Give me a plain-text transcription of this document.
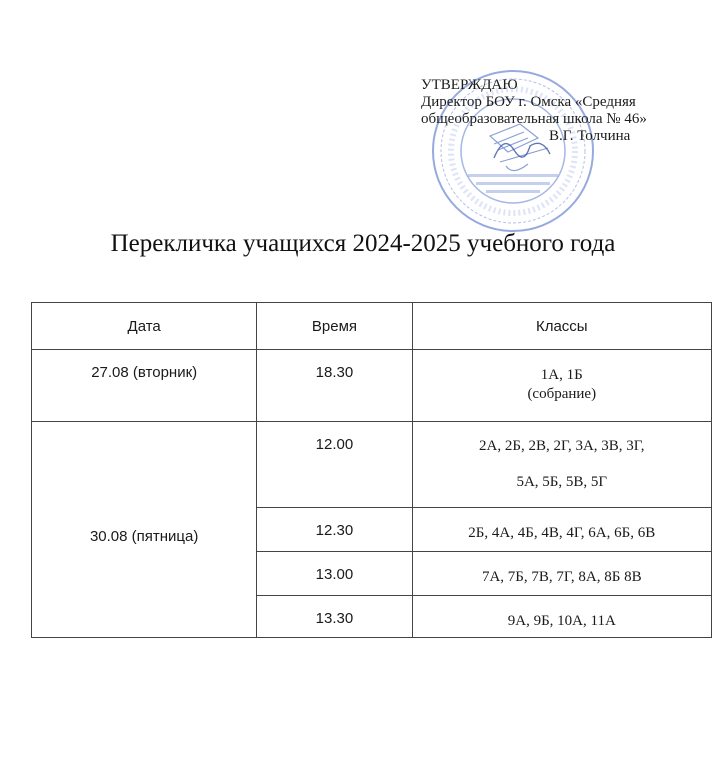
УТВЕРЖДАЮ
Директор БОУ г. Омска «Средняя
общеобразовательная школа № 46»
В.Г. Толчина
Перекличка учащихся 2024-2025 учебного года
Дата	Время	Классы
27.08 (вторник)	18.30	1А, 1Б
(собрание)

30.08 (пятница)	12.00	2А, 2Б, 2В, 2Г, 3А, 3В, 3Г,
5А, 5Б, 5В, 5Г

	12.30	2Б, 4А, 4Б, 4В, 4Г, 6А, 6Б, 6В

	13.00	7А, 7Б, 7В, 7Г, 8А, 8Б 8В

	13.30	9А, 9Б, 10А, 11А
